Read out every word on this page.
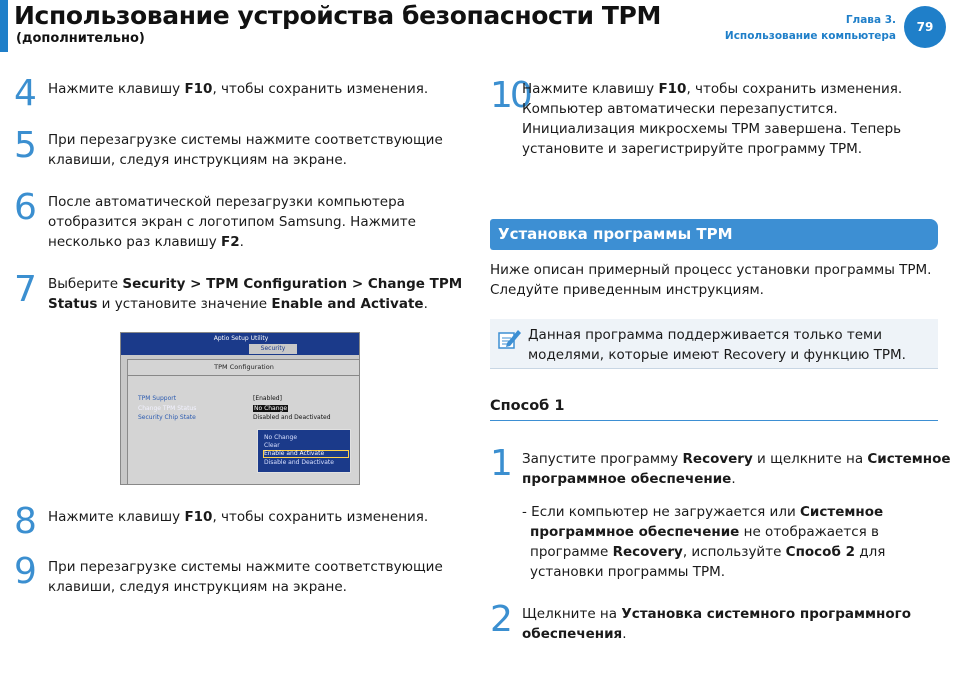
Использование устройства безопасности TPM
(дополнительно)
Глава 3.
Использование компьютера
79
4 Нажмите клавишу F10, чтобы сохранить изменения.
5 При перезагрузке системы нажмите соответствующие
клавиши, следуя инструкциям на экране.
6 После автоматической перезагрузки компьютера
отобразится экран с логотипом Samsung. Нажмите
несколько раз клавишу F2.
7 Выберите Security > TPM Configuration > Change TPM
Status и установите значение Enable and Activate.
Aptio Setup Utility
Security
TPM Configuration
TPM Support
Change TPM Status
Security Chip State
[Enabled]
No Change
Disabled and Deactivated
No Change
Clear
Enable and Activate
Disable and Deactivate
8 Нажмите клавишу F10, чтобы сохранить изменения.
9 При перезагрузке системы нажмите соответствующие
клавиши, следуя инструкциям на экране.
10
Нажмите клавишу F10, чтобы сохранить изменения.
Компьютер автоматически перезапустится.
Инициализация микросхемы TPM завершена. Теперь
установите и зарегистрируйте программу TPM.
Установка программы TPM
Ниже описан примерный процесс установки программы TPM.
Следуйте приведенным инструкциям.
Данная программа поддерживается только теми
моделями, которые имеют Recovery и функцию TPM.
Способ 1
1 Запустите программу Recovery и щелкните на Системное
программное обеспечение.
- Если компьютер не загружается или Системное
программное обеспечение не отображается в
программе Recovery, используйте Способ 2 для
установки программы TPM.
2 Щелкните на Установка системного программного
обеспечения.
